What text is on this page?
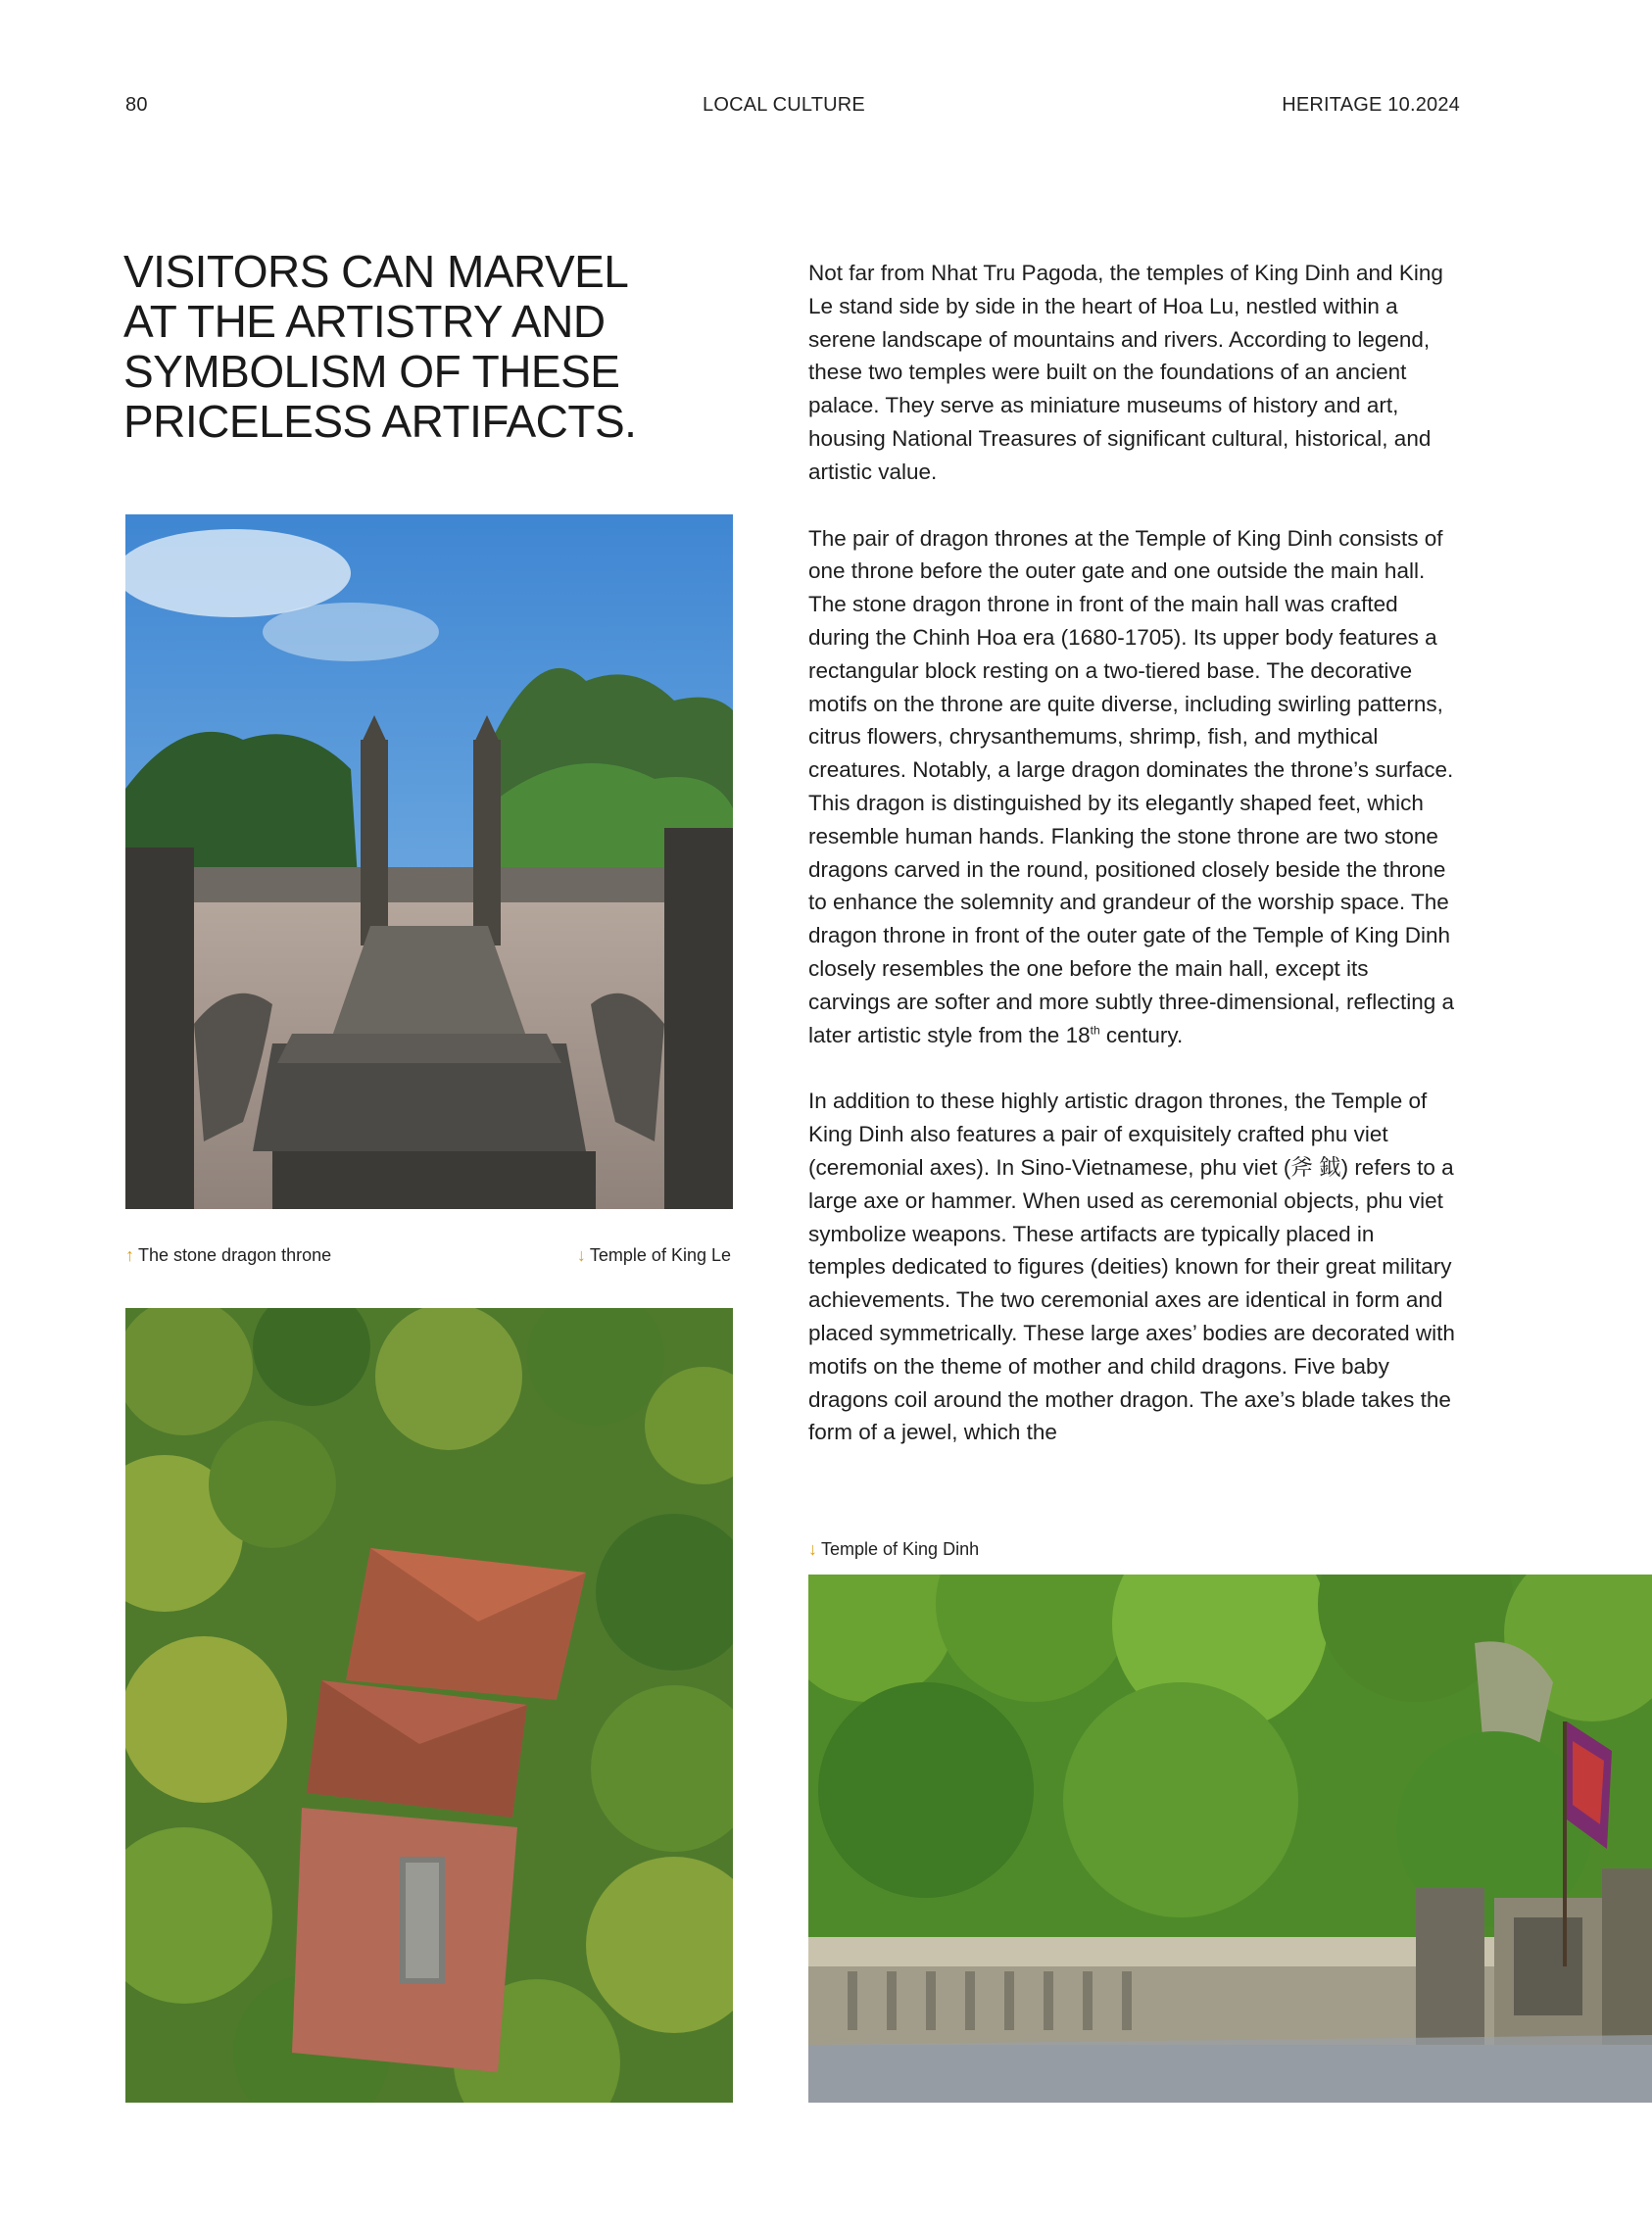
80	LOCAL CULTURE	HERITAGE 10.2024
VISITORS CAN MARVEL AT THE ARTISTRY AND SYMBOLISM OF THESE PRICELESS ARTIFACTS.

Not far from Nhat Tru Pagoda, the temples of King Dinh and King Le stand side by side in the heart of Hoa Lu, nestled within a serene landscape of mountains and rivers. According to legend, these two temples were built on the foundations of an ancient palace. They serve as miniature museums of history and art, housing National Treasures of significant cultural, historical, and artistic value.

The pair of dragon thrones at the Temple of King Dinh consists of one throne before the outer gate and one outside the main hall. The stone dragon throne in front of the main hall was crafted during the Chinh Hoa era (1680-1705). Its upper body features a rectangular block resting on a two-tiered base. The decorative motifs on the throne are quite diverse, including swirling patterns, citrus flowers, chrysanthemums, shrimp, fish, and mythical creatures. Notably, a large dragon dominates the throne’s surface. This dragon is distinguished by its elegantly shaped feet, which resemble human hands. Flanking the stone throne are two stone dragons carved in the round, positioned closely beside the throne to enhance the solemnity and grandeur of the worship space. The dragon throne in front of the outer gate of the Temple of King Dinh closely resembles the one before the main hall, except its carvings are softer and more subtly three-dimensional, reflecting a later artistic style from the 18th century.

In addition to these highly artistic dragon thrones, the Temple of King Dinh also features a pair of exquisitely crafted phu viet (ceremonial axes). In Sino-Vietnamese, phu viet (斧 鉞) refers to a large axe or hammer. When used as ceremonial objects, phu viet symbolize weapons. These artifacts are typically placed in temples dedicated to figures (deities) known for their great military achievements. The two ceremonial axes are identical in form and placed symmetrically. These large axes’ bodies are decorated with motifs on the theme of mother and child dragons. Five baby dragons coil around the mother dragon. The axe’s blade takes the form of a jewel, which the

↑ The stone dragon throne	↓ Temple of King Le
↓ Temple of King Dinh
